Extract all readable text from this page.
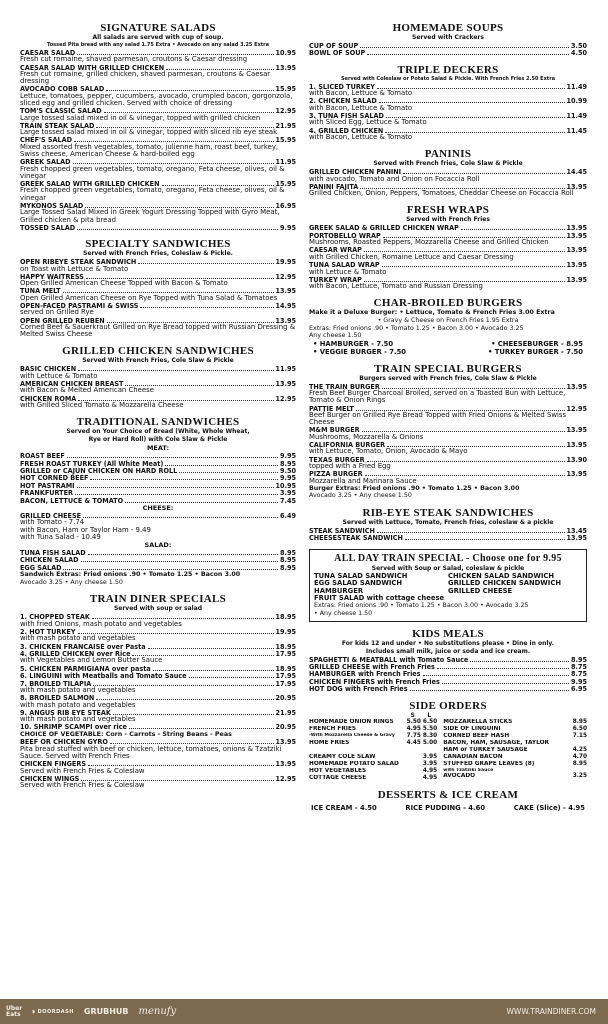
SIGNATURE SALADS
All salads are served with cup of soup.
Tossed Pita bread with any salad 1.75 Extra • Avocado on any salad 3.25 Extra
CAESAR SALAD	10.95
Fresh cut romaine, shaved parmesan, croutons & Caesar dressing
CAESAR SALAD WITH GRILLED CHICKEN	13.95
Fresh cut romaine, grilled chicken, shaved parmesan, croutons & Caesar dressing
AVOCADO COBB SALAD	15.95
Lettuce, tomatoes, pepper, cucumbers, avocado, crumpled bacon, gorgonzola, sliced egg and grilled chicken. Served with choice of dressing
TOM'S CLASSIC SALAD	12.95
Large tossed salad mixed in oil & vinegar, topped with grilled chicken
TRAIN STEAK SALAD	21.95
Large tossed salad mixed in oil & vinegar, topped with sliced rib eye steak
CHEF'S SALAD	15.95
Mixed assorted fresh vegetables, tomato, julienne ham, roast beef, turkey, Swiss cheese, American Cheese & hard-boiled egg
GREEK SALAD	11.95
Fresh chopped green vegetables, tomato, oregano, Feta cheese, olives, oil & vinegar
GREEK SALAD WITH GRILLED CHICKEN	15.95
Fresh chopped green vegetables, tomato, oregano, Feta cheese, olives, oil & vinegar
MYKONOS SALAD	16.95
Large Tossed Salad Mixed in Greek Yogurt Dressing Topped with Gyro Meat, Grilled chicken & pita bread
TOSSED SALAD	9.95
SPECIALTY SANDWICHES
Served with French Fries, Coleslaw & Pickle.
OPEN RIBEYE STEAK SANDWICH	19.95
on Toast with Lettuce & Tomato
HAPPY WAITRESS	12.95
Open Grilled American Cheese Topped with Bacon & Tomato
TUNA MELT	13.95
Open Grilled American Cheese on Rye Topped with Tuna Salad & Tomatoes
OPEN-FACED PASTRAMI & SWISS	14.95
served on Grilled Rye
OPEN GRILLED REUBEN	13.95
Corned Beef & Sauerkraut Grilled on Rye Bread topped with Russian Dressing & Melted Swiss Cheese
GRILLED CHICKEN SANDWICHES
Served With French Fries, Cole Slaw & Pickle
BASIC CHICKEN	11.95
with Lettuce & Tomato
AMERICAN CHICKEN BREAST	13.95
with Bacon & Melted American Cheese
CHICKEN ROMA	12.95
with Grilled Sliced Tomato & Mozzarella Cheese
TRADITIONAL SANDWICHES
Served on Your Choice of Bread (White, Whole Wheat,
Rye or Hard Roll) with Cole Slaw & Pickle
MEAT:
ROAST BEEF	9.95
FRESH ROAST TURKEY (All White Meat)	8.95
GRILLED or CAJUN CHICKEN ON HARD ROLL	9.50
HOT CORNED BEEF	9.95
HOT PASTRAMI	10.95
FRANKFURTER	3.95
BACON, LETTUCE & TOMATO	7.45
CHEESE:
GRILLED CHEESE	6.49
with Tomato - 7.74
with Bacon, Ham or Taylor Ham - 9.49
with Tuna Salad - 10.49
SALAD:
TUNA FISH SALAD	8.95
CHICKEN SALAD	8.95
EGG SALAD	8.95
Sandwich Extras: Fried onions .90 • Tomato 1.25 • Bacon 3.00
Avocado 3.25 • Any cheese 1.50
TRAIN DINER SPECIALS
Served with soup or salad
1. CHOPPED STEAK	18.95
with fried Onions, mash potato and vegetables
2. HOT TURKEY	19.95
with mash potato and vegetables
3. CHICKEN FRANCAISE over Pasta	18.95
4. GRILLED CHICKEN over Rice	17.95
with Vegetables and Lemon Butter Sauce
5. CHICKEN PARMIGIANA over pasta	18.95
6. LINGUINI with Meatballs and Tomato Sauce	17.95
7. BROILED TILAPIA	17.95
with mash potato and vegetables
8. BROILED SALMON	20.95
with mash potato and vegetables
9. ANGUS RIB EYE STEAK	21.95
with mash potato and vegetables
10. SHRIMP SCAMPI over rice	20.95
CHOICE OF VEGETABLE: Corn - Carrots - String Beans - Peas
BEEF OR CHICKEN GYRO	13.95
Pita bread stuffed with beef or chicken, lettuce, tomatoes, onions & Tzatziki Sauce. Served with French Fries
CHICKEN FINGERS	13.95
Served with French Fries & Coleslaw
CHICKEN WINGS	12.95
Served with French Fries & Coleslaw
HOMEMADE SOUPS
Served with Crackers
CUP OF SOUP	3.50
BOWL OF SOUP	4.50
TRIPLE DECKERS
Served with Coleslaw or Potato Salad & Pickle. With French Fries 2.50 Extra
1. SLICED TURKEY	11.49
with Bacon, Lettuce & Tomato
2. CHICKEN SALAD	10.99
with Bacon, Lettuce & Tomato
3. TUNA FISH SALAD	11.49
with Sliced Egg, Lettuce & Tomato
4. GRILLED CHICKEN	11.45
with Bacon, Lettuce & Tomato
PANINIS
Served with French fries, Cole Slaw & Pickle
GRILLED CHICKEN PANINI	14.45
with avocado, Tomato and Onion on Focaccia Roll
PANINI FAJITA	13.95
Grilled Chicken, Onion, Peppers, Tomatoes, Cheddar Cheese on Focaccia Roll
FRESH WRAPS
Served with French Fries
GREEK SALAD & GRILLED CHICKEN WRAP	13.95
PORTOBELLO WRAP	13.95
Mushrooms, Roasted Peppers, Mozzarella Cheese and Grilled Chicken
CAESAR WRAP	13.95
with Grilled Chicken, Romaine Lettuce and Caesar Dressing
TUNA SALAD WRAP	13.95
with Lettuce & Tomato
TURKEY WRAP	13.95
with Bacon, Lettuce, Tomato and Russian Dressing
CHAR-BROILED BURGERS
Make it a Deluxe Burger: • Lettuce, Tomato & French Fries 3.00 Extra
• Gravy & Cheese on French Fries 1.95 Extra
Extras: Fried onions .90 • Tomato 1.25 • Bacon 3.00 • Avocado 3.25
Any cheese 1.50
• HAMBURGER - 7.50	• CHEESEBURGER - 8.95
• VEGGIE BURGER - 7.50	• TURKEY BURGER - 7.50
TRAIN SPECIAL BURGERS
Burgers served with French fries, Cole Slaw & Pickle
THE TRAIN BURGER	13.95
Fresh Beef Burger Charcoal Broiled, served on a Toasted Bun with Lettuce, Tomato & Onion Rings
PATTIE MELT	12.95
Beef Burger on Grilled Rye Bread Topped with Fried Onions & Melted Swiss Cheese
M&M BURGER	13.95
Mushrooms, Mozzarella & Onions
CALIFORNIA BURGER	13.95
with Lettuce, Tomato, Onion, Avocado & Mayo
TEXAS BURGER	13.90
topped with a Fried Egg
PIZZA BURGER	13.95
Mozzarella and Marinara Sauce
Burger Extras: Fried onions .90 • Tomato 1.25 • Bacon 3.00
Avocado 3.25 • Any cheese 1.50
RIB-EYE STEAK SANDWICHES
Served with Lettuce, Tomato, French fries, coleslaw & a pickle
STEAK SANDWICH	13.45
CHEESESTEAK SANDWICH	13.95
ALL DAY TRAIN SPECIAL - Choose one for 9.95
Served with Soup or Salad, coleslaw & pickle
TUNA SALAD SANDWICH	CHICKEN SALAD SANDWICH
EGG SALAD SANDWICH	GRILLED CHICKEN SANDWICH
HAMBURGER	GRILLED CHEESE
FRUIT SALAD with cottage cheese
Extras: Fried onions .90 • Tomato 1.25 • Bacon 3.00 • Avocado 3.25
• Any cheese 1.50
KIDS MEALS
For kids 12 and under • No substitutions please • Dine in only.
Includes small milk, juice or soda and ice cream.
SPAGHETTI & MEATBALL with Tomato Sauce	8.95
GRILLED CHEESE with French Fries	8.75
HAMBURGER with French Fries	8.75
CHICKEN FINGERS with French Fries	9.95
HOT DOG with French Fries	6.95
SIDE ORDERS
S      L
HOMEMADE ONION RINGS	5.50 6.50
FRENCH FRIES	4.95 5.50
-With Mozzarella Cheese & Gravy	7.75 8.30
HOME FRIES	4.45 5.00

CREAMY COLE SLAW	3.95
HOMEMADE POTATO SALAD	3.95
HOT VEGETABLES	4.95
COTTAGE CHEESE	4.95

MOZZARELLA STICKS	8.95
SIDE OF LINGUINI	6.50
CORNED BEEF HASH	7.15
BACON, HAM, SAUSAGE, TAYLOR
HAM or TURKEY SAUSAGE	4.25
CANADIAN BACON	4.70
STUFFED GRAPE LEAVES (8)	8.95
with Tzatziki Sauce
AVOCADO	3.25
DESSERTS & ICE CREAM
ICE CREAM - 4.50	RICE PUDDING - 4.60	CAKE (Slice) - 4.95
Uber
Eats	◗ DOORDASH GRUBHUB menufy	WWW.TRAINDINER.COM
